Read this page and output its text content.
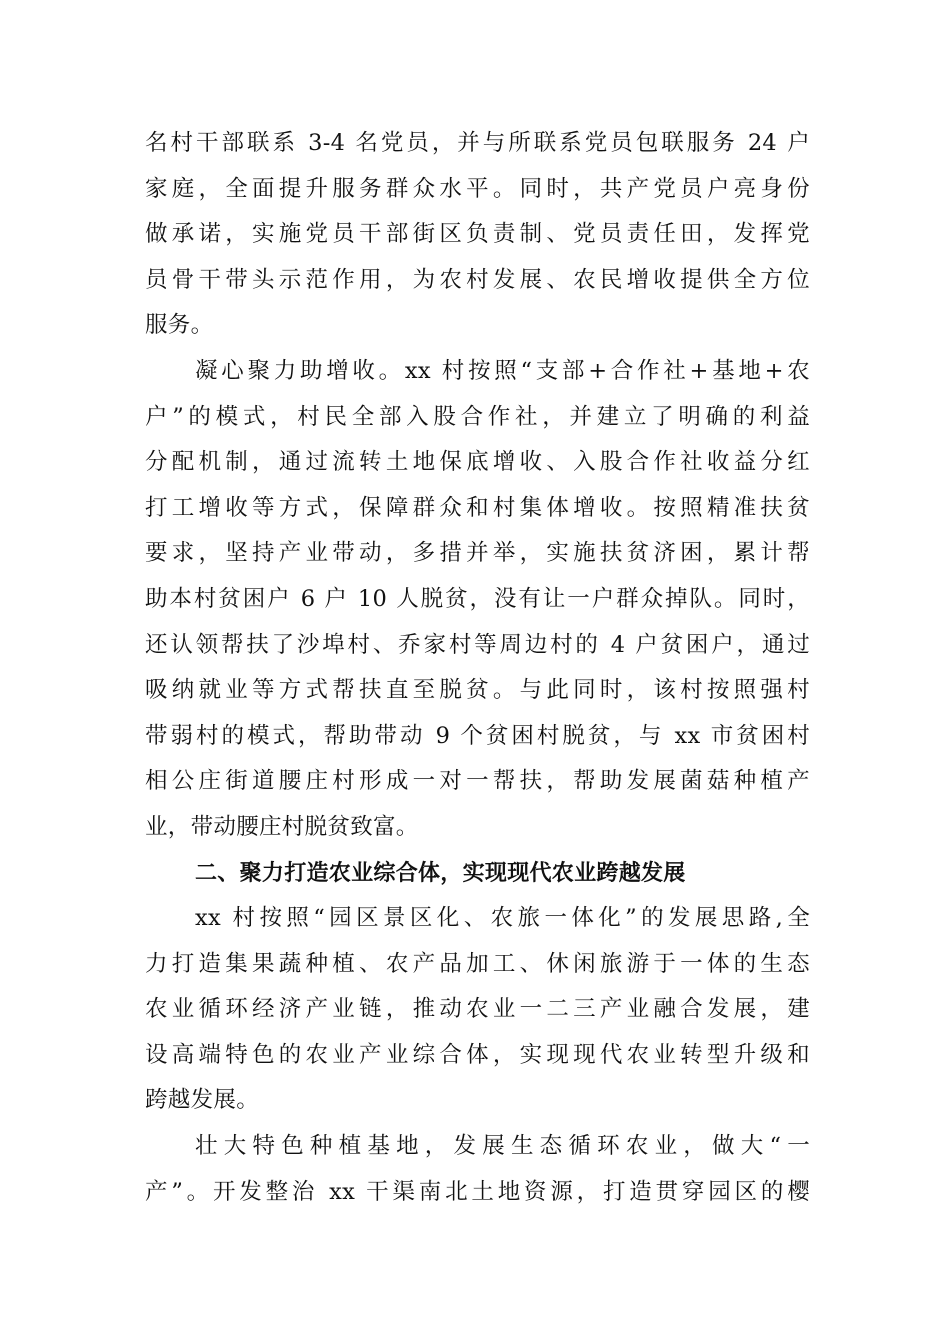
名村干部联系 3-4 名党员，并与所联系党员包联服务 24 户
家庭，全面提升服务群众水平。同时，共产党员户亮身份
做承诺，实施党员干部街区负责制、党员责任田，发挥党
员骨干带头示范作用，为农村发展、农民增收提供全方位
服务。
凝心聚力助增收。xx 村按照“支部+合作社+基地+农
户”的模式，村民全部入股合作社，并建立了明确的利益
分配机制，通过流转土地保底增收、入股合作社收益分红
打工增收等方式，保障群众和村集体增收。按照精准扶贫
要求，坚持产业带动，多措并举，实施扶贫济困，累计帮
助本村贫困户 6 户 10 人脱贫，没有让一户群众掉队。同时，
还认领帮扶了沙埠村、乔家村等周边村的 4 户贫困户，通过
吸纳就业等方式帮扶直至脱贫。与此同时，该村按照强村
带弱村的模式，帮助带动 9 个贫困村脱贫，与 xx 市贫困村
相公庄街道腰庄村形成一对一帮扶，帮助发展菌菇种植产
业，带动腰庄村脱贫致富。
二、聚力打造农业综合体，实现现代农业跨越发展
xx 村按照“园区景区化、农旅一体化”的发展思路,全
力打造集果蔬种植、农产品加工、休闲旅游于一体的生态
农业循环经济产业链，推动农业一二三产业融合发展，建
设高端特色的农业产业综合体，实现现代农业转型升级和
跨越发展。
壮大特色种植基地，发展生态循环农业，做大“一
产”。开发整治 xx 干渠南北土地资源，打造贯穿园区的樱
